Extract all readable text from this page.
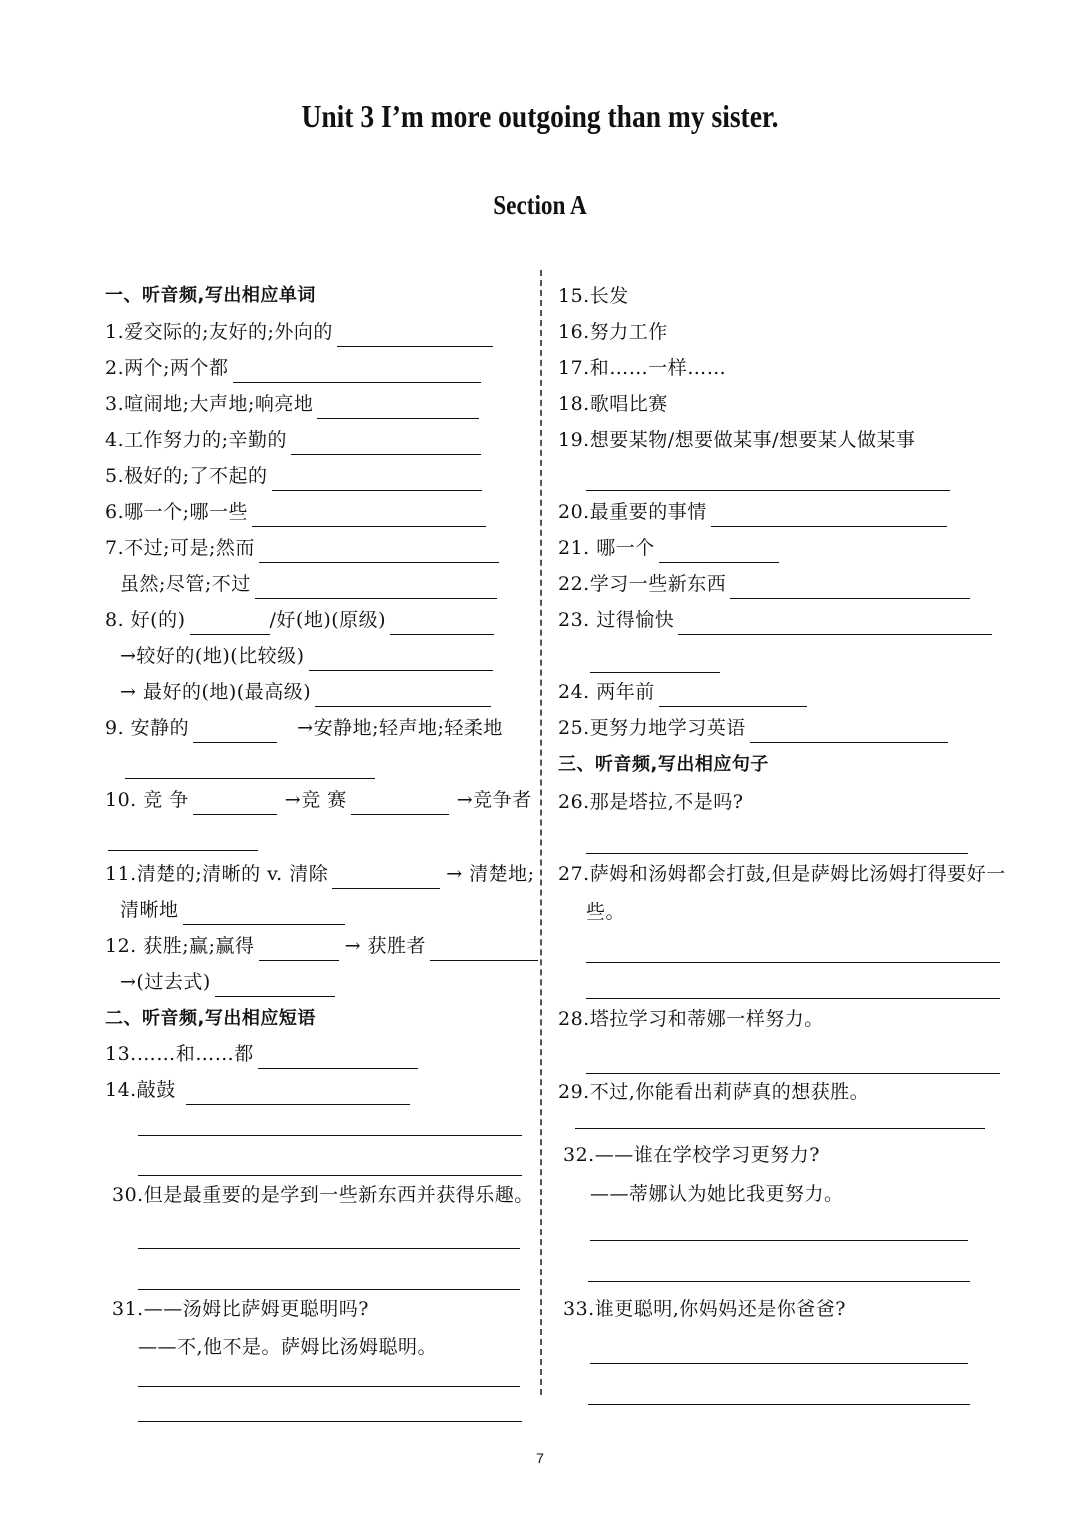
Unit 3 I’m more outgoing than my sister.
Section A
一、听音频,写出相应单词
1.爱交际的;友好的;外向的
2.两个;两个都
3.喧闹地;大声地;响亮地
4.工作努力的;辛勤的
5.极好的;了不起的
6.哪一个;哪一些
7.不过;可是;然而
虽然;尽管;不过
8. 好(的)	/好(地)(原级)
→较好的(地)(比较级)
→ 最好的(地)(最高级)
9. 安静的	→安静地;轻声地;轻柔地
10. 竞 争	→竞 赛	→竞争者
11.清楚的;清晰的 v. 清除	→ 清楚地;
清晰地
12. 获胜;赢;赢得	→ 获胜者
→(过去式)
二、听音频,写出相应短语
13.……和……都
14.敲鼓
30.但是最重要的是学到一些新东西并获得乐趣。
31.——汤姆比萨姆更聪明吗?
——不,他不是。萨姆比汤姆聪明。
15.长发
16.努力工作
17.和……一样……
18.歌唱比赛
19.想要某物/想要做某事/想要某人做某事
20.最重要的事情
21. 哪一个
22.学习一些新东西
23. 过得愉快
24. 两年前
25.更努力地学习英语
三、听音频,写出相应句子
26.那是塔拉,不是吗?
27.萨姆和汤姆都会打鼓,但是萨姆比汤姆打得要好一
些。
28.塔拉学习和蒂娜一样努力。
29.不过,你能看出莉萨真的想获胜。
32.——谁在学校学习更努力?
——蒂娜认为她比我更努力。
33.谁更聪明,你妈妈还是你爸爸?
7
